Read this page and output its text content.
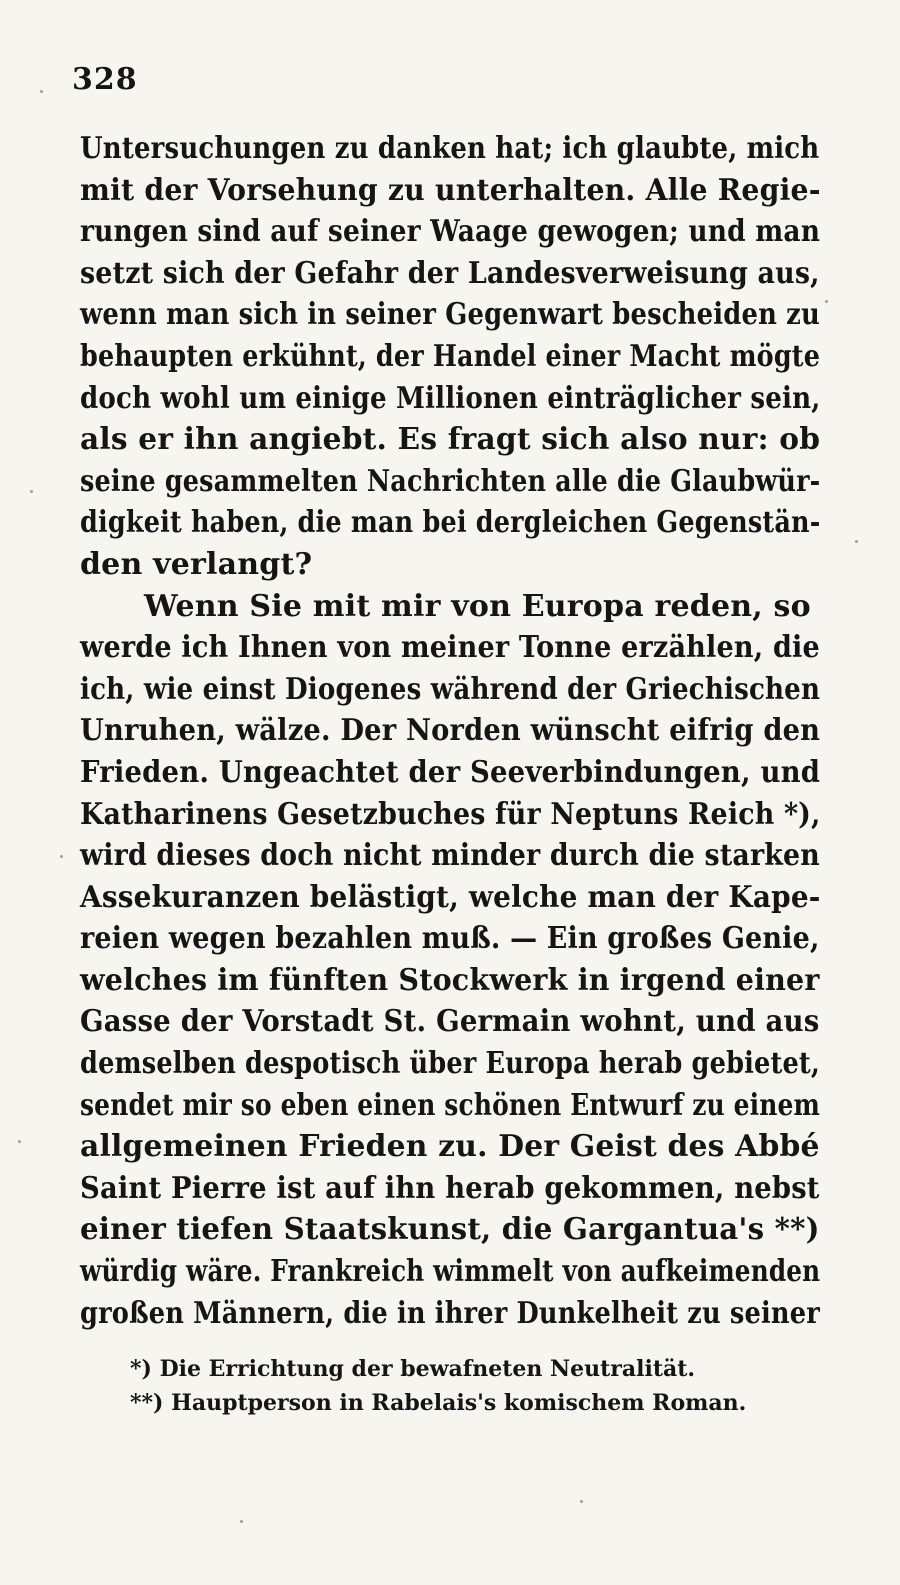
328
Untersuchungen zu danken hat; ich glaubte, mich
mit der Vorsehung zu unterhalten. Alle Regie-
rungen sind auf seiner Waage gewogen; und man
setzt sich der Gefahr der Landesverweisung aus,
wenn man sich in seiner Gegenwart bescheiden zu
behaupten erkühnt, der Handel einer Macht mögte
doch wohl um einige Millionen einträglicher sein,
als er ihn angiebt. Es fragt sich also nur: ob
seine gesammelten Nachrichten alle die Glaubwür-
digkeit haben, die man bei dergleichen Gegenstän-
den verlangt?
Wenn Sie mit mir von Europa reden, so
werde ich Ihnen von meiner Tonne erzählen, die
ich, wie einst Diogenes während der Griechischen
Unruhen, wälze. Der Norden wünscht eifrig den
Frieden. Ungeachtet der Seeverbindungen, und
Katharinens Gesetzbuches für Neptuns Reich *),
wird dieses doch nicht minder durch die starken
Assekuranzen belästigt, welche man der Kape-
reien wegen bezahlen muß. — Ein großes Genie,
welches im fünften Stockwerk in irgend einer
Gasse der Vorstadt St. Germain wohnt, und aus
demselben despotisch über Europa herab gebietet,
sendet mir so eben einen schönen Entwurf zu einem
allgemeinen Frieden zu. Der Geist des Abbé
Saint Pierre ist auf ihn herab gekommen, nebst
einer tiefen Staatskunst, die Gargantua's **)
würdig wäre. Frankreich wimmelt von aufkeimenden
großen Männern, die in ihrer Dunkelheit zu seiner
*) Die Errichtung der bewafneten Neutralität.
**) Hauptperson in Rabelais's komischem Roman.
